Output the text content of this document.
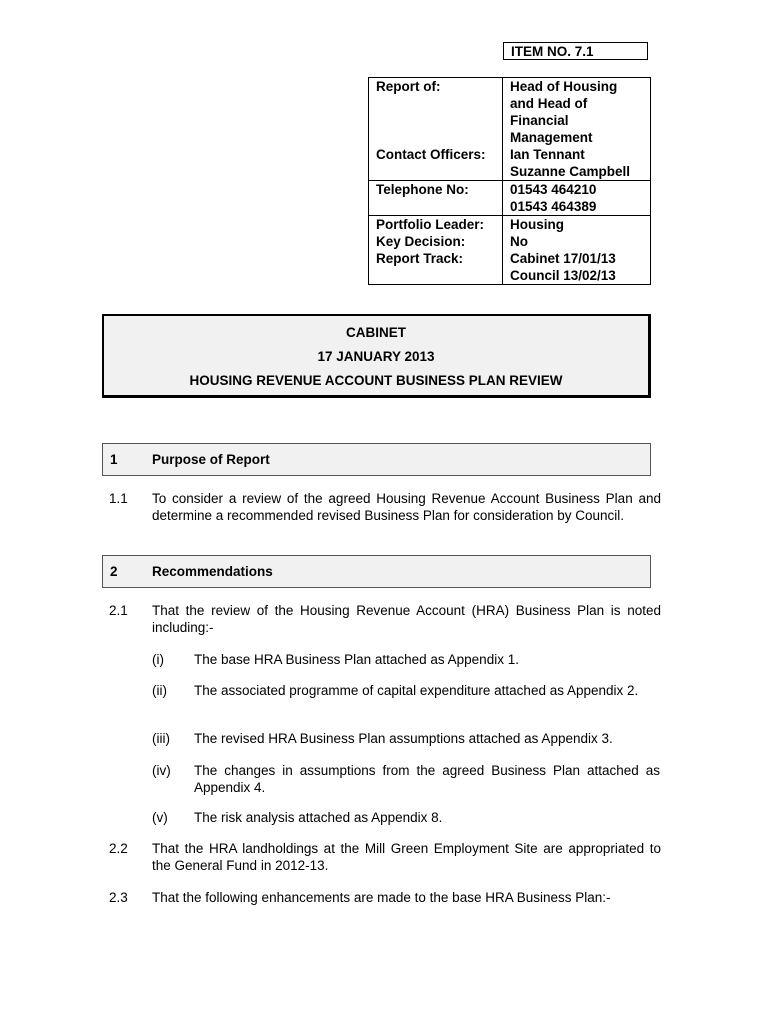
ITEM NO. 7.1
Report of:	Head of Housing
and Head of
Financial
Management
Contact Officers:	Ian Tennant
Suzanne Campbell
Telephone No:	01543 464210
01543 464389
Portfolio Leader:	Housing
Key Decision:	No
Report Track:	Cabinet 17/01/13
Council 13/02/13
CABINET
17 JANUARY 2013
HOUSING REVENUE ACCOUNT BUSINESS PLAN REVIEW
1	Purpose of Report
1.1 To consider a review of the agreed Housing Revenue Account Business Plan and determine a recommended revised Business Plan for consideration by Council.
2	Recommendations
2.1 That the review of the Housing Revenue Account (HRA) Business Plan is noted including:-
(i) The base HRA Business Plan attached as Appendix 1.
(ii) The associated programme of capital expenditure attached as Appendix 2.
(iii) The revised HRA Business Plan assumptions attached as Appendix 3.
(iv) The changes in assumptions from the agreed Business Plan attached as Appendix 4.
(v) The risk analysis attached as Appendix 8.
2.2 That the HRA landholdings at the Mill Green Employment Site are appropriated to the General Fund in 2012-13.
2.3 That the following enhancements are made to the base HRA Business Plan:-
